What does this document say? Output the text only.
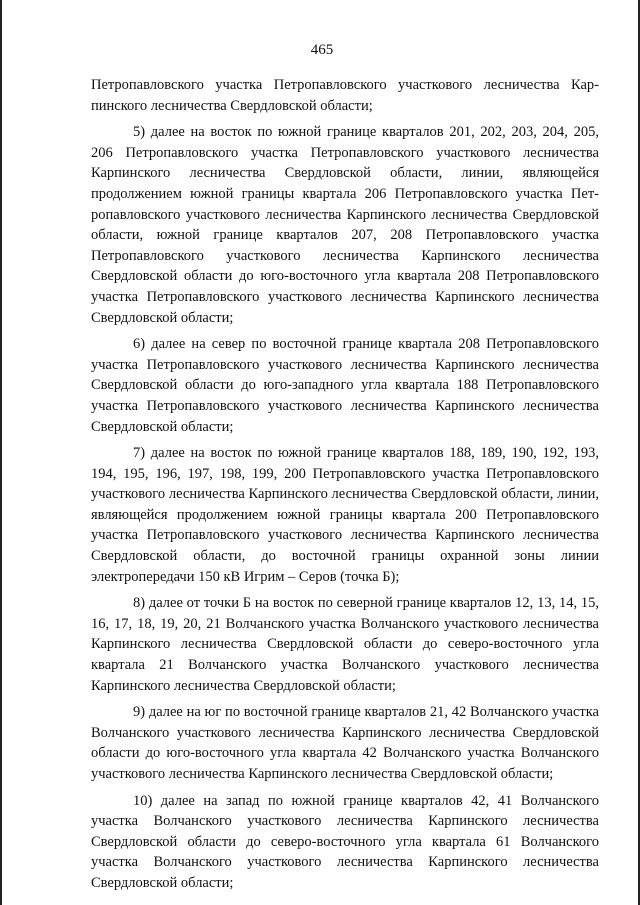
465

Петропавловского участка Петропавловского участкового лесничества Карпинского лесничества Свердловской области;

5) далее на восток по южной границе кварталов 201, 202, 203, 204, 205, 206 Петропавловского участка Петропавловского участкового лесничества Карпинского лесничества Свердловской области, линии, являющейся продолжением южной границы квартала 206 Петропавловского участка Петропавловского участкового лесничества Карпинского лесничества Свердловской области, южной границе кварталов 207, 208 Петропавловского участка Петропавловского участкового лесничества Карпинского лесничества Свердловской области до юго-восточного угла квартала 208 Петропавловского участка Петропавловского участкового лесничества Карпинского лесничества Свердловской области;

6) далее на север по восточной границе квартала 208 Петропавловского участка Петропавловского участкового лесничества Карпинского лесничества Свердловской области до юго-западного угла квартала 188 Петропавловского участка Петропавловского участкового лесничества Карпинского лесничества Свердловской области;

7) далее на восток по южной границе кварталов 188, 189, 190, 192, 193, 194, 195, 196, 197, 198, 199, 200 Петропавловского участка Петропавловского участкового лесничества Карпинского лесничества Свердловской области, линии, являющейся продолжением южной границы квартала 200 Петропавловского участка Петропавловского участкового лесничества Карпинского лесничества Свердловской области, до восточной границы охранной зоны линии электропередачи 150 кВ Игрим – Серов (точка Б);

8) далее от точки Б на восток по северной границе кварталов 12, 13, 14, 15, 16, 17, 18, 19, 20, 21 Волчанского участка Волчанского участкового лесничества Карпинского лесничества Свердловской области до северо-восточного угла квартала 21 Волчанского участка Волчанского участкового лесничества Карпинского лесничества Свердловской области;

9) далее на юг по восточной границе кварталов 21, 42 Волчанского участка Волчанского участкового лесничества Карпинского лесничества Свердловской области до юго-восточного угла квартала 42 Волчанского участка Волчанского участкового лесничества Карпинского лесничества Свердловской области;

10) далее на запад по южной границе кварталов 42, 41 Волчанского участка Волчанского участкового лесничества Карпинского лесничества Свердловской области до северо-восточного угла квартала 61 Волчанского участка Волчанского участкового лесничества Карпинского лесничества Свердловской области;
